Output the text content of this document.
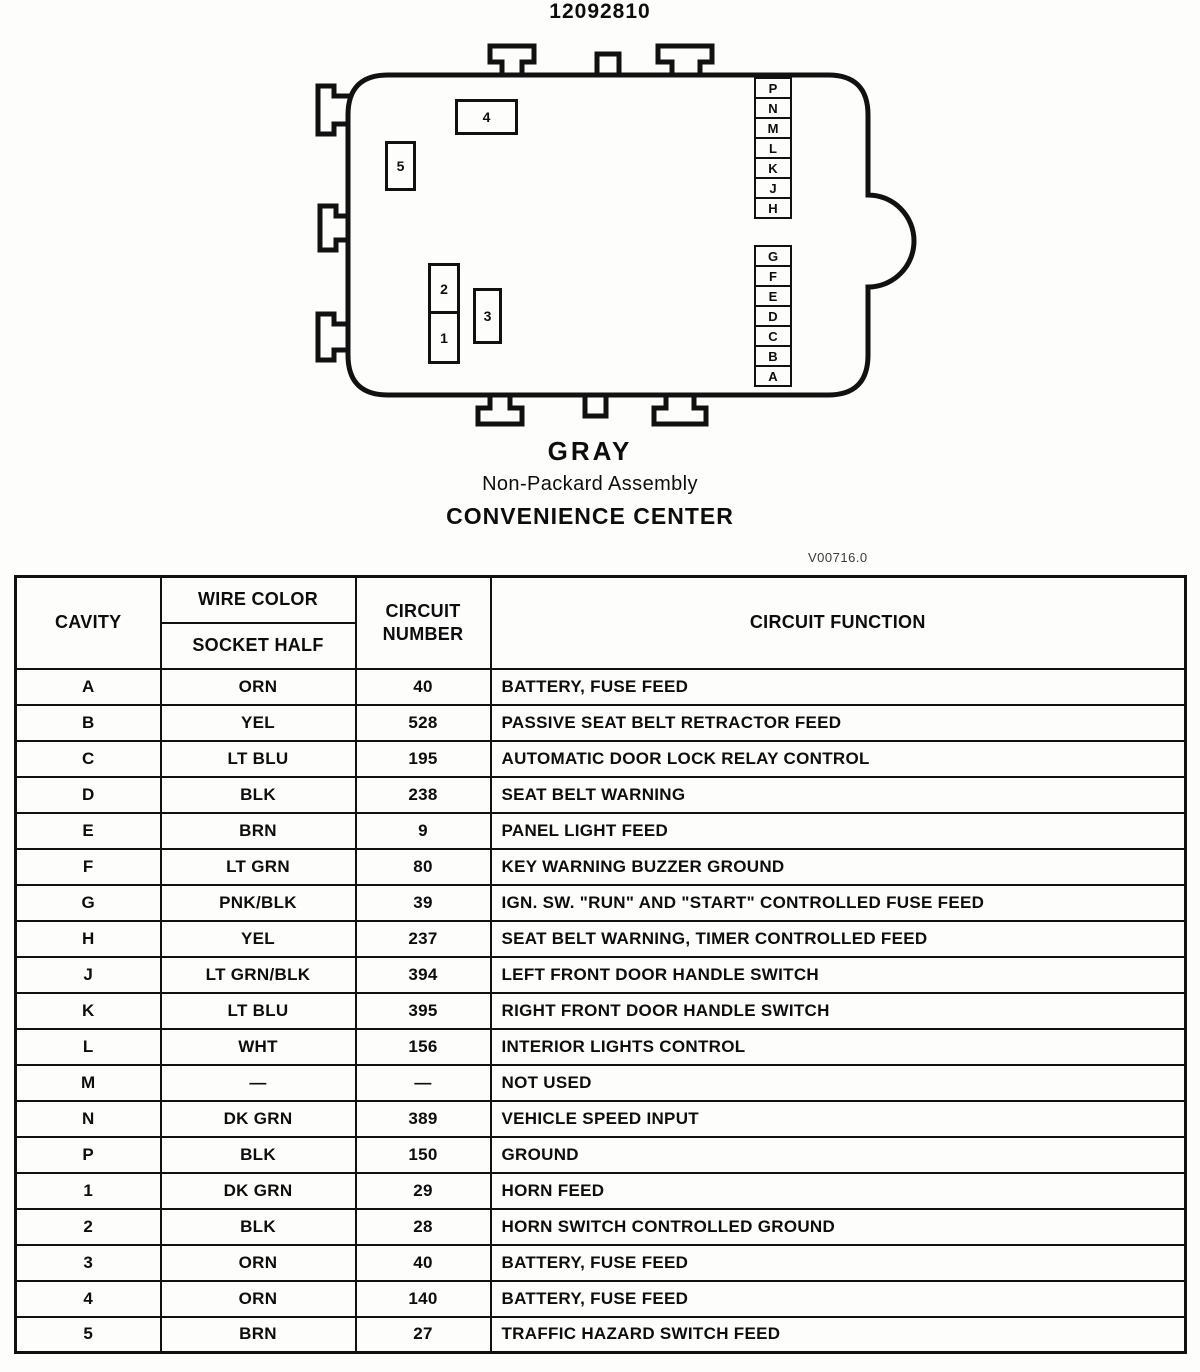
12092810
4
5
2
1
3
P
N
M
L
K
J
H
G
F
E
D
C
B
A
GRAY
Non-Packard Assembly
CONVENIENCE CENTER
V00716.0
CAVITY	WIRE COLOR	CIRCUIT NUMBER	CIRCUIT FUNCTION
	SOCKET HALF		
A	ORN	40	BATTERY, FUSE FEED
B	YEL	528	PASSIVE SEAT BELT RETRACTOR FEED
C	LT BLU	195	AUTOMATIC DOOR LOCK RELAY CONTROL
D	BLK	238	SEAT BELT WARNING
E	BRN	9	PANEL LIGHT FEED
F	LT GRN	80	KEY WARNING BUZZER GROUND
G	PNK/BLK	39	IGN. SW. "RUN" AND "START" CONTROLLED FUSE FEED
H	YEL	237	SEAT BELT WARNING, TIMER CONTROLLED FEED
J	LT GRN/BLK	394	LEFT FRONT DOOR HANDLE SWITCH
K	LT BLU	395	RIGHT FRONT DOOR HANDLE SWITCH
L	WHT	156	INTERIOR LIGHTS CONTROL
M	—	—	NOT USED
N	DK GRN	389	VEHICLE SPEED INPUT
P	BLK	150	GROUND
1	DK GRN	29	HORN FEED
2	BLK	28	HORN SWITCH CONTROLLED GROUND
3	ORN	40	BATTERY, FUSE FEED
4	ORN	140	BATTERY, FUSE FEED
5	BRN	27	TRAFFIC HAZARD SWITCH FEED
